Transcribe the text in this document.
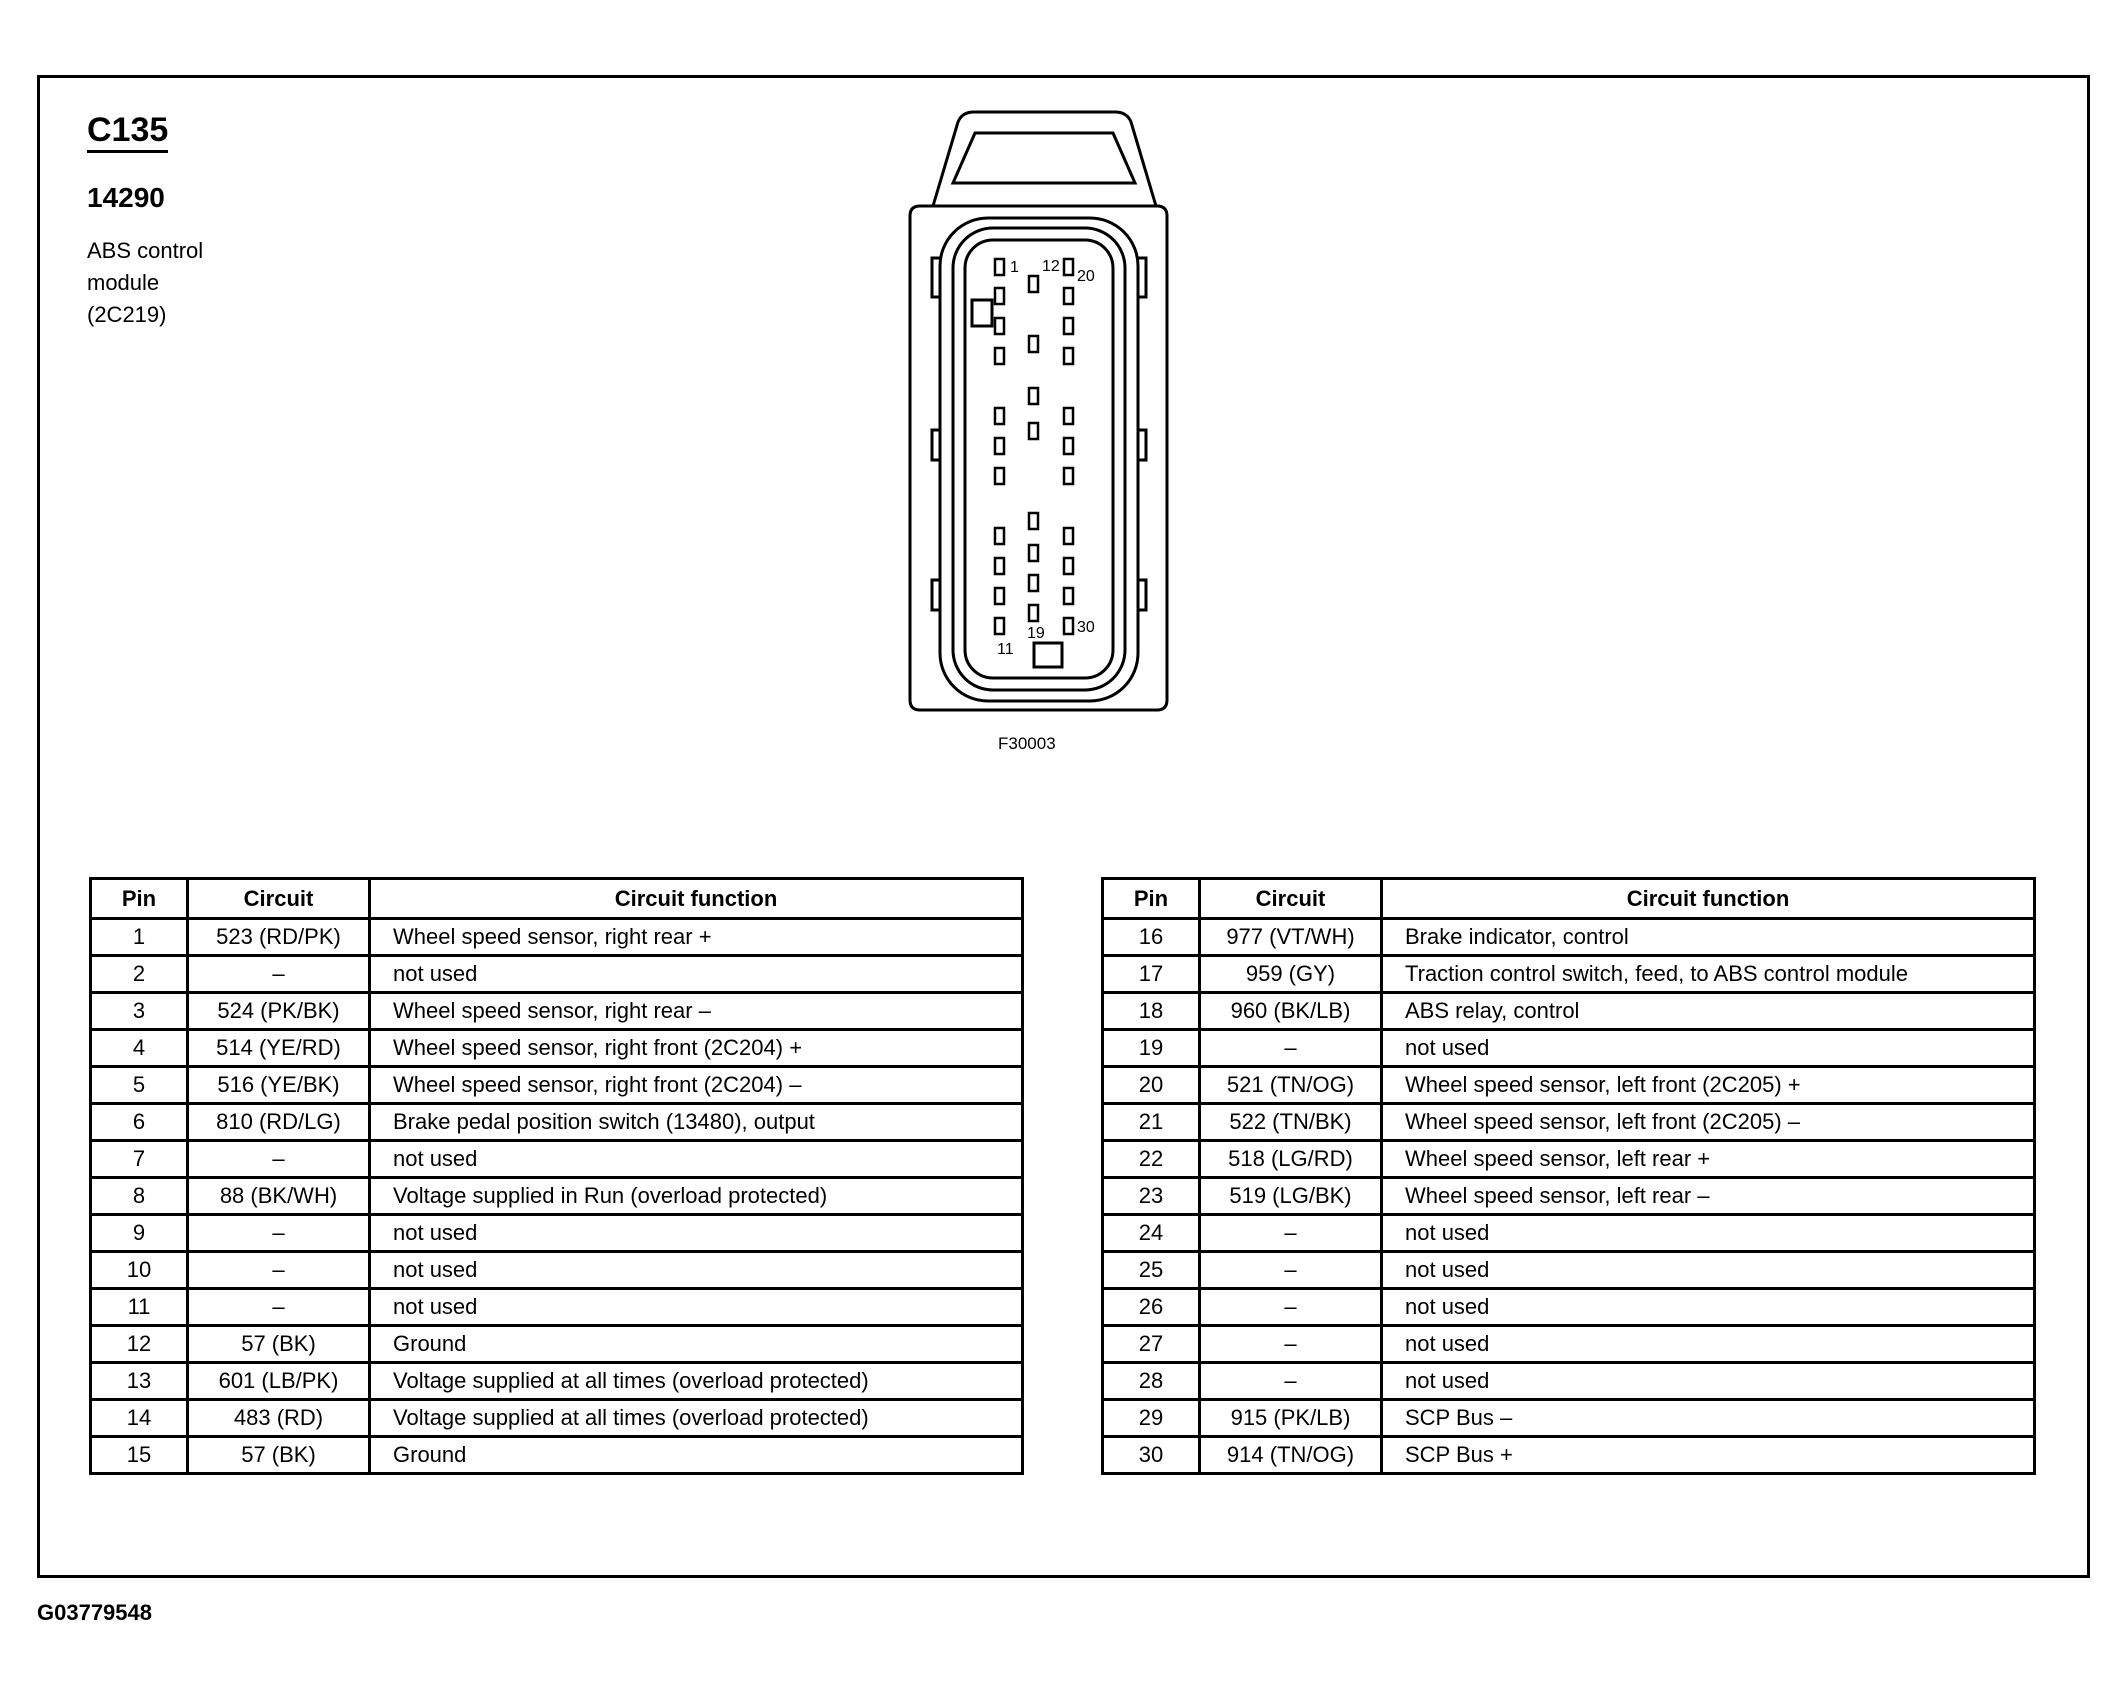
C135
14290
ABS control
module
(2C219)
1 12
20
11
19 30
F30003
Pin	Circuit	Circuit function
1	523 (RD/PK)	Wheel speed sensor, right rear +
2	–	not used
3	524 (PK/BK)	Wheel speed sensor, right rear –
4	514 (YE/RD)	Wheel speed sensor, right front (2C204) +
5	516 (YE/BK)	Wheel speed sensor, right front (2C204) –
6	810 (RD/LG)	Brake pedal position switch (13480), output
7	–	not used
8	88 (BK/WH)	Voltage supplied in Run (overload protected)
9	–	not used
10	–	not used
11	–	not used
12	57 (BK)	Ground
13	601 (LB/PK)	Voltage supplied at all times (overload protected)
14	483 (RD)	Voltage supplied at all times (overload protected)
15	57 (BK)	Ground
Pin	Circuit	Circuit function
16	977 (VT/WH)	Brake indicator, control
17	959 (GY)	Traction control switch, feed, to ABS control module
18	960 (BK/LB)	ABS relay, control
19	–	not used
20	521 (TN/OG)	Wheel speed sensor, left front (2C205) +
21	522 (TN/BK)	Wheel speed sensor, left front (2C205) –
22	518 (LG/RD)	Wheel speed sensor, left rear +
23	519 (LG/BK)	Wheel speed sensor, left rear –
24	–	not used
25	–	not used
26	–	not used
27	–	not used
28	–	not used
29	915 (PK/LB)	SCP Bus –
30	914 (TN/OG)	SCP Bus +
G03779548
